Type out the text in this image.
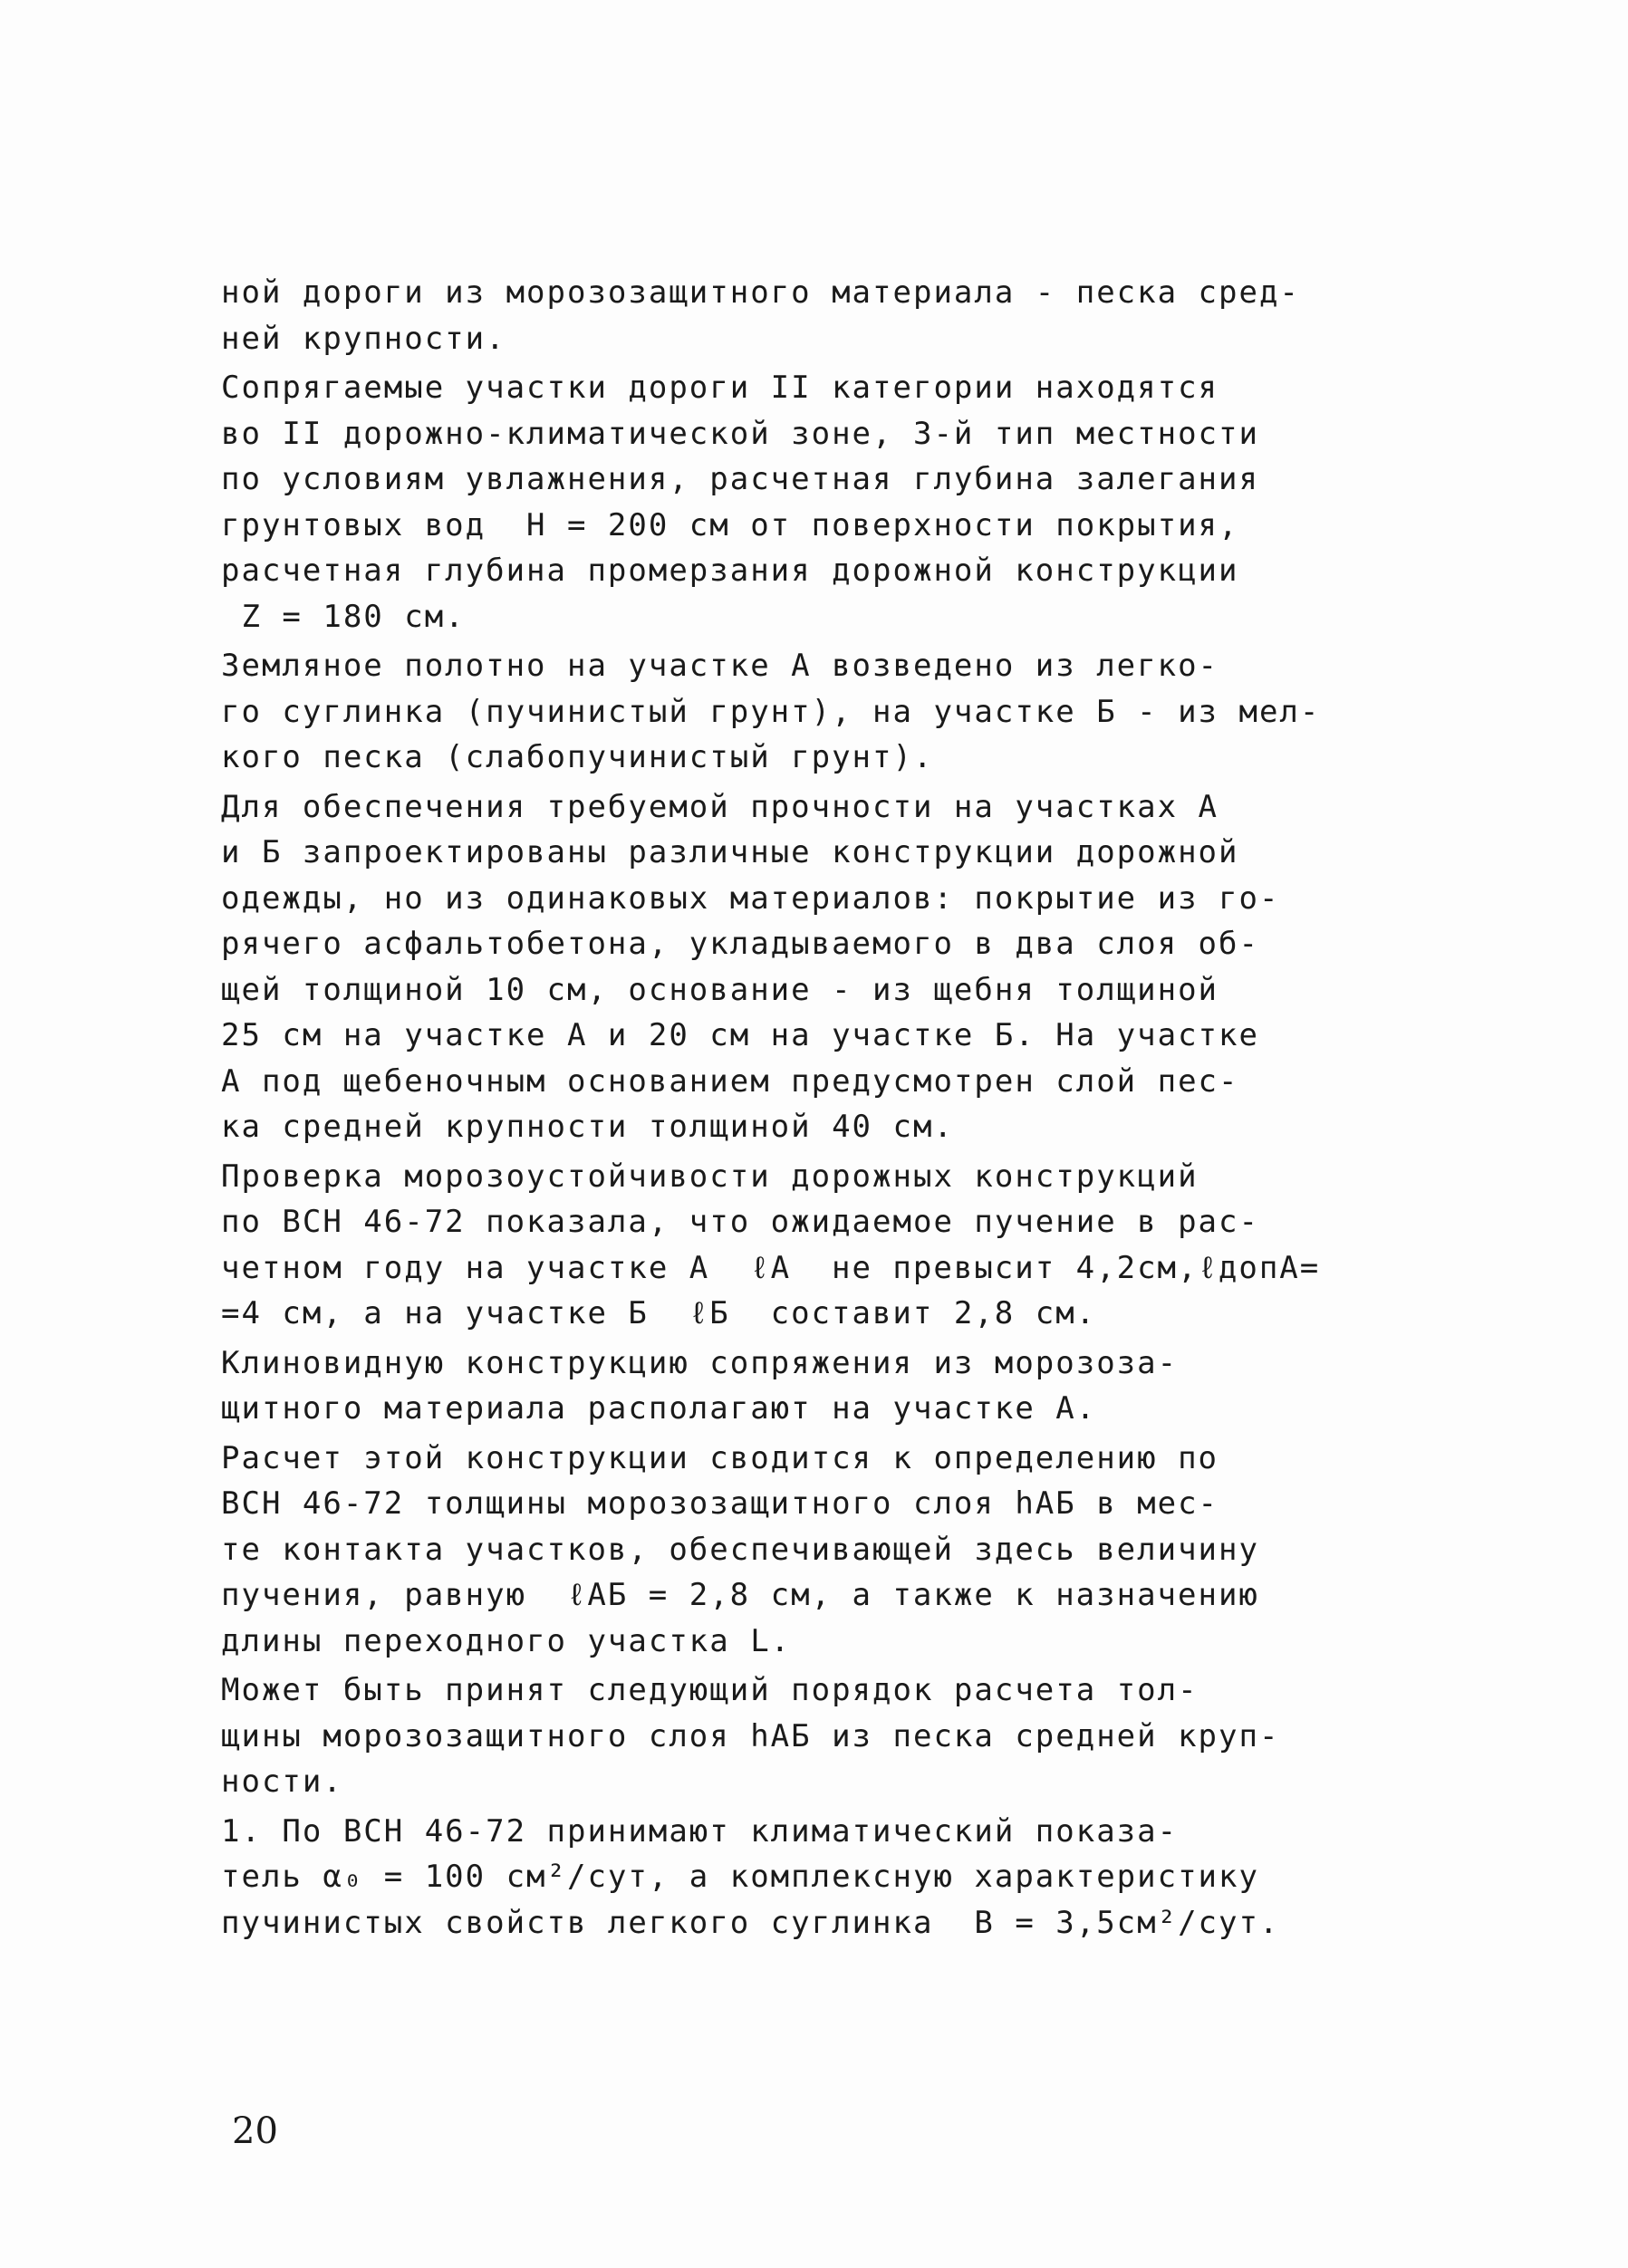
ной дороги из морозозащитного материала - песка сред-
ней крупности.
Сопрягаемые участки дороги II категории находятся
во II дорожно-климатической зоне, 3-й тип местности
по условиям увлажнения, расчетная глубина залегания
грунтовых вод  H = 200 см от поверхности покрытия,
расчетная глубина промерзания дорожной конструкции
Z = 180 см.
Земляное полотно на участке А возведено из легко-
го суглинка (пучинистый грунт), на участке Б - из мел-
кого песка (слабопучинистый грунт).
Для обеспечения требуемой прочности на участках А
и Б запроектированы различные конструкции дорожной
одежды, но из одинаковых материалов: покрытие из го-
рячего асфальтобетона, укладываемого в два слоя об-
щей толщиной 10 см, основание - из щебня толщиной
25 см на участке А и 20 см на участке Б. На участке
А под щебеночным основанием предусмотрен слой пес-
ка средней крупности толщиной 40 см.
Проверка морозоустойчивости дорожных конструкций
по ВСН 46-72 показала, что ожидаемое пучение в рас-
четном году на участке А  ℓА  не превысит 4,2см,ℓдопА=
=4 см, а на участке Б  ℓБ  составит 2,8 см.
Клиновидную конструкцию сопряжения из морозоза-
щитного материала располагают на участке А.
Расчет этой конструкции сводится к определению по
ВСН 46-72 толщины морозозащитного слоя hАБ в мес-
те контакта участков, обеспечивающей здесь величину
пучения, равную  ℓАБ = 2,8 см, а также к назначению
длины переходного участка L.
Может быть принят следующий порядок расчета тол-
щины морозозащитного слоя hАБ из песка средней круп-
ности.
1. По ВСН 46-72 принимают климатический показа-
тель α₀ = 100 см²/сут, а комплексную характеристику
пучинистых свойств легкого суглинка  B = 3,5см²/сут.
20
